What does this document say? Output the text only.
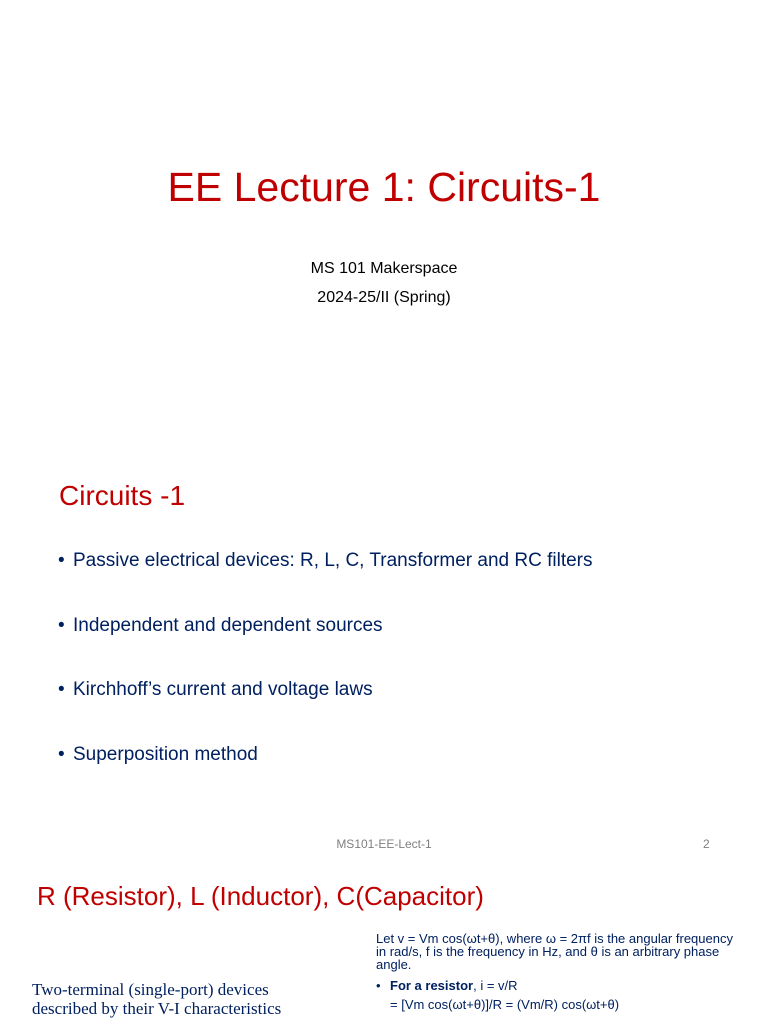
EE Lecture 1: Circuits-1
MS 101 Makerspace
2024-25/II (Spring)
Circuits -1
• Passive electrical devices: R, L, C, Transformer and RC filters
• Independent and dependent sources
• Kirchhoff’s current and voltage laws
• Superposition method
MS101-EE-Lect-1	2
R (Resistor), L (Inductor), C(Capacitor)
Two-terminal (single-port) devices described by their V-I characteristics

Let v = Vm cos(ωt+θ), where ω = 2πf is the angular frequency in rad/s, f is the frequency in Hz, and θ is an arbitrary phase angle.

• For a resistor, i = v/R

= [Vm cos(ωt+θ)]/R = (Vm/R) cos(ωt+θ)
